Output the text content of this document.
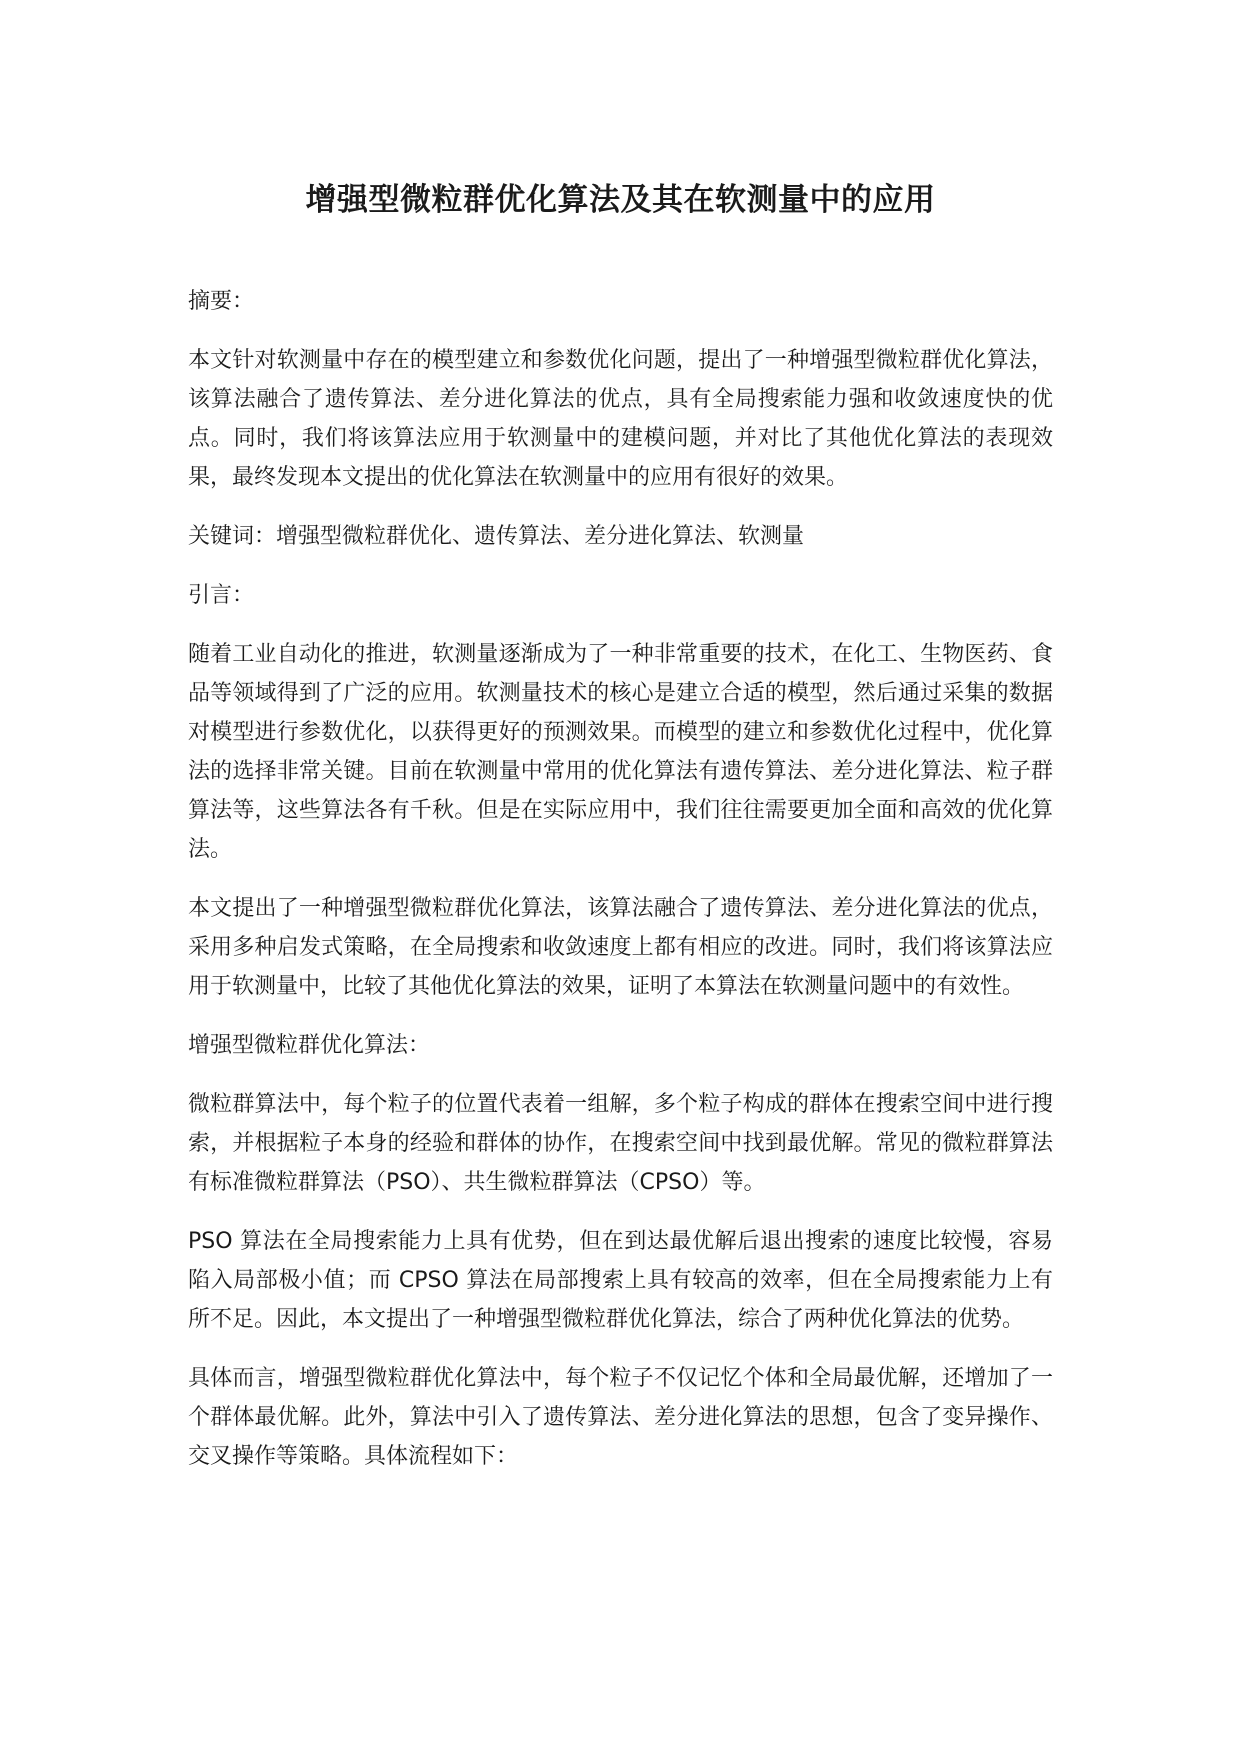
增强型微粒群优化算法及其在软测量中的应用

摘要：

本文针对软测量中存在的模型建立和参数优化问题，提出了一种增强型微粒群优化算法，该算法融合了遗传算法、差分进化算法的优点，具有全局搜索能力强和收敛速度快的优点。同时，我们将该算法应用于软测量中的建模问题，并对比了其他优化算法的表现效果，最终发现本文提出的优化算法在软测量中的应用有很好的效果。

关键词：增强型微粒群优化、遗传算法、差分进化算法、软测量

引言：

随着工业自动化的推进，软测量逐渐成为了一种非常重要的技术，在化工、生物医药、食品等领域得到了广泛的应用。软测量技术的核心是建立合适的模型，然后通过采集的数据对模型进行参数优化，以获得更好的预测效果。而模型的建立和参数优化过程中，优化算法的选择非常关键。目前在软测量中常用的优化算法有遗传算法、差分进化算法、粒子群算法等，这些算法各有千秋。但是在实际应用中，我们往往需要更加全面和高效的优化算法。

本文提出了一种增强型微粒群优化算法，该算法融合了遗传算法、差分进化算法的优点，采用多种启发式策略，在全局搜索和收敛速度上都有相应的改进。同时，我们将该算法应用于软测量中，比较了其他优化算法的效果，证明了本算法在软测量问题中的有效性。

增强型微粒群优化算法：

微粒群算法中，每个粒子的位置代表着一组解，多个粒子构成的群体在搜索空间中进行搜索，并根据粒子本身的经验和群体的协作，在搜索空间中找到最优解。常见的微粒群算法有标准微粒群算法（PSO）、共生微粒群算法（CPSO）等。

PSO 算法在全局搜索能力上具有优势，但在到达最优解后退出搜索的速度比较慢，容易陷入局部极小值；而 CPSO 算法在局部搜索上具有较高的效率，但在全局搜索能力上有所不足。因此，本文提出了一种增强型微粒群优化算法，综合了两种优化算法的优势。

具体而言，增强型微粒群优化算法中，每个粒子不仅记忆个体和全局最优解，还增加了一个群体最优解。此外，算法中引入了遗传算法、差分进化算法的思想，包含了变异操作、交叉操作等策略。具体流程如下：
